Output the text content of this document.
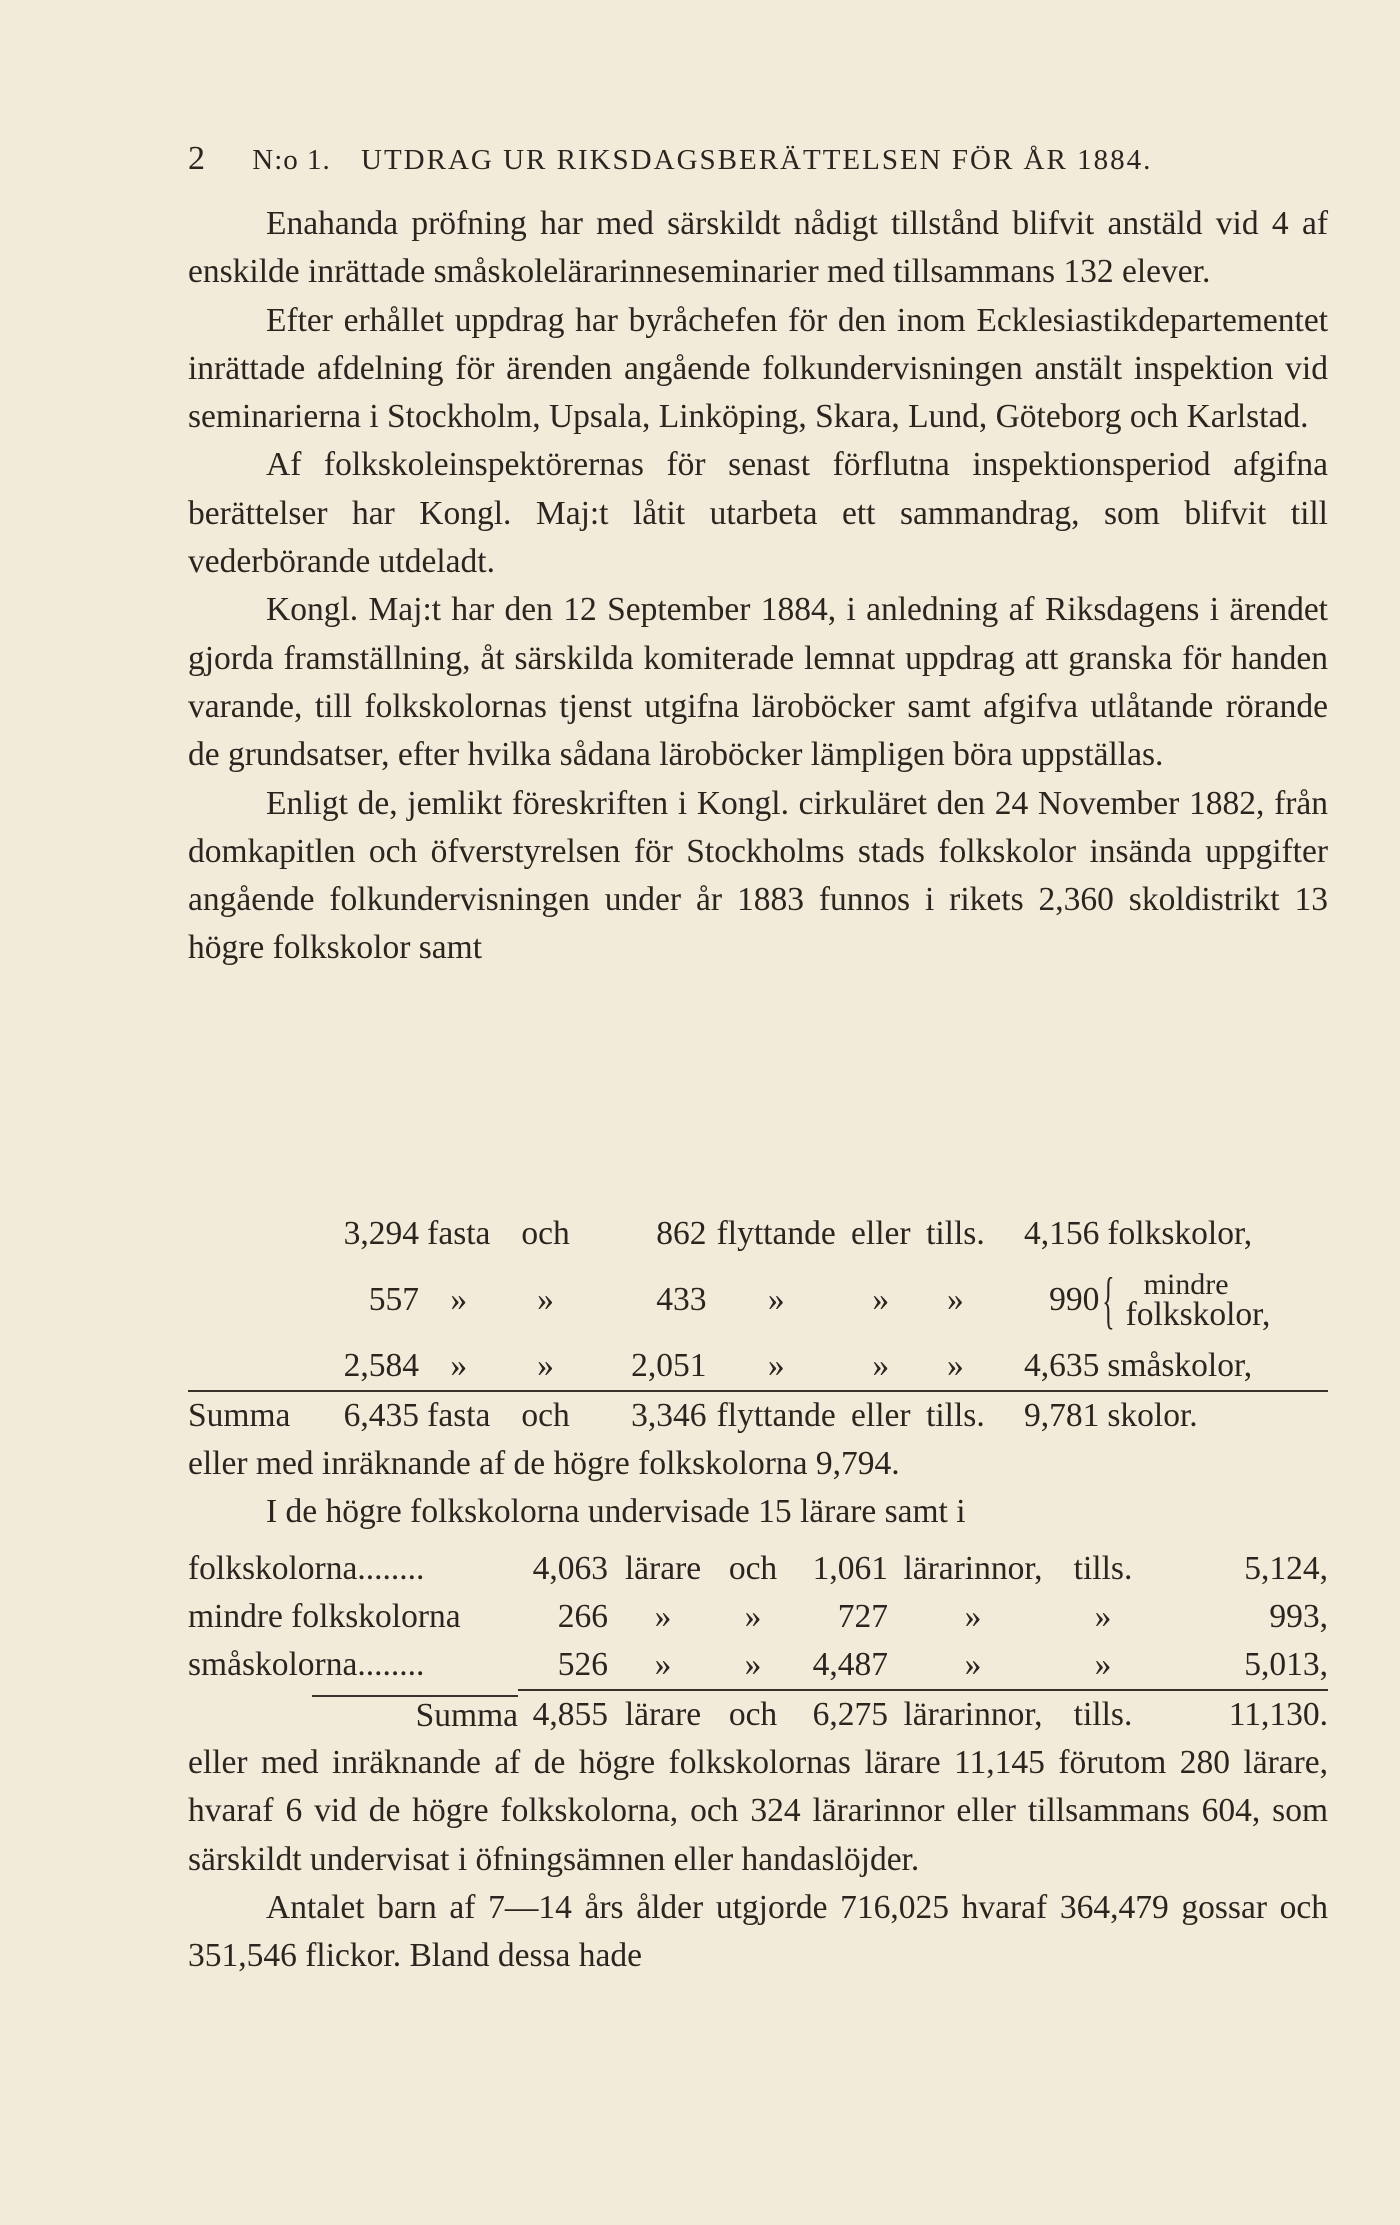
2 N:o 1. UTDRAG UR RIKSDAGSBERÄTTELSEN FÖR ÅR 1884.

Enahanda pröfning har med särskildt nådigt tillstånd blifvit anstäld vid 4 af enskilde inrättade småskolelärarinneseminarier med tillsammans 132 elever.

Efter erhållet uppdrag har byråchefen för den inom Ecklesiastikdepartementet inrättade afdelning för ärenden angående folkundervisningen anstält inspektion vid seminarierna i Stockholm, Upsala, Linköping, Skara, Lund, Göteborg och Karlstad.

Af folkskoleinspektörernas för senast förflutna inspektionsperiod afgifna berättelser har Kongl. Maj:t låtit utarbeta ett sammandrag, som blifvit till vederbörande utdeladt.

Kongl. Maj:t har den 12 September 1884, i anledning af Riksdagens i ärendet gjorda framställning, åt särskilda komiterade lemnat uppdrag att granska för handen varande, till folkskolornas tjenst utgifna läroböcker samt afgifva utlåtande rörande de grundsatser, efter hvilka sådana läroböcker lämpligen böra uppställas.

Enligt de, jemlikt föreskriften i Kongl. cirkuläret den 24 November 1882, från domkapitlen och öfverstyrelsen för Stockholms stads folkskolor insända uppgifter angående folkundervisningen under år 1883 funnos i rikets 2,360 skoldistrikt 13 högre folkskolor samt

	3,294	fasta	och	862	flyttande	eller	tills.	4,156	folkskolor,
	557	»	»	433	»	»	»	990	{ mindre
folkskolor,

	2,584	»	»	2,051	»	»	»	4,635	småskolor,
Summa	6,435	fasta	och	3,346	flyttande	eller	tills.	9,781	skolor.
eller med inräknande af de högre folkskolorna 9,794.
I de högre folkskolorna undervisade 15 lärare samt i
folkskolorna........	4,063	lärare	och	1,061	lärarinnor,	tills.	5,124,
mindre folkskolorna	266	»	»	727	»	»	993,
småskolorna........	526	»	»	4,487	»	»	5,013,
Summa	4,855	lärare	och	6,275	lärarinnor,	tills.	11,130.
eller med inräknande af de högre folkskolornas lärare 11,145 förutom 280 lärare, hvaraf 6 vid de högre folkskolorna, och 324 lärarinnor eller tillsammans 604, som särskildt undervisat i öfningsämnen eller handaslöjder.
Antalet barn af 7—14 års ålder utgjorde 716,025 hvaraf 364,479 gossar och 351,546 flickor. Bland dessa hade
